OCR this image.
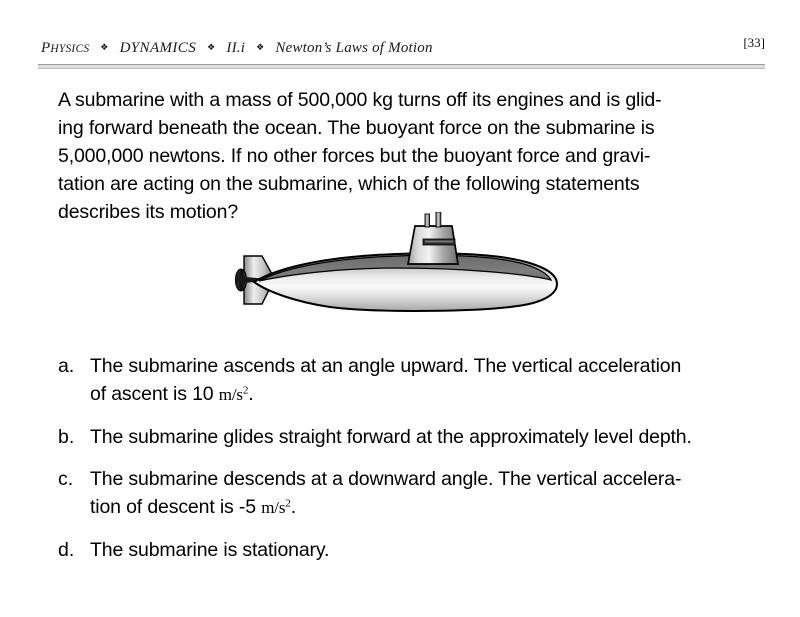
PHYSICS ❖ DYNAMICS ❖ II.i ❖ Newton’s Laws of Motion	[33]
A submarine with a mass of 500,000 kg turns off its engines and is glid-
ing forward beneath the ocean. The buoyant force on the submarine is
5,000,000 newtons. If no other forces but the buoyant force and gravi-
tation are acting on the submarine, which of the following statements
describes its motion?
a. The submarine ascends at an angle upward. The vertical acceleration
of ascent is 10 $m/s^2$.
b. The submarine glides straight forward at the approximately level depth.
c. The submarine descends at a downward angle. The vertical accelera-
tion of descent is -5 $m/s^2$.
d. The submarine is stationary.
